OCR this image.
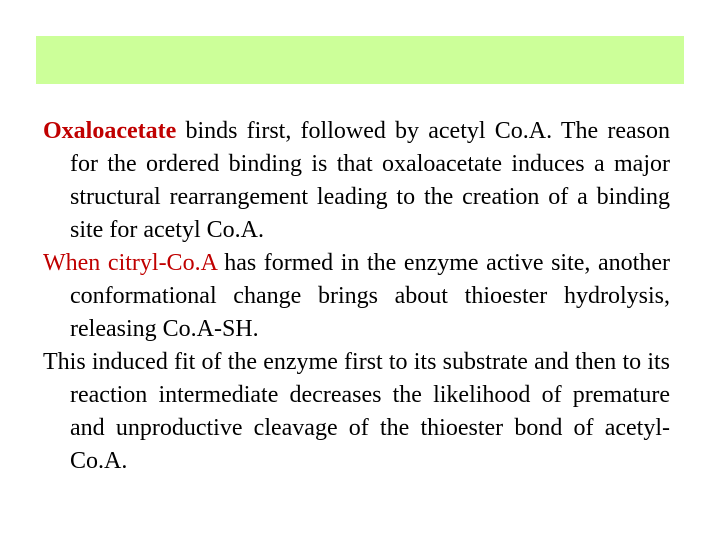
Oxaloacetate binds first, followed by acetyl Co.A. The reason for the ordered binding is that oxaloacetate induces a major structural rearrangement leading to the creation of a binding site for acetyl Co.A.

When citryl-Co.A has formed in the enzyme active site, another conformational change brings about thioester hydrolysis, releasing Co.A-SH.

This induced fit of the enzyme first to its substrate and then to its reaction intermediate decreases the likelihood of premature and unproductive cleavage of the thioester bond of acetyl-Co.A.
